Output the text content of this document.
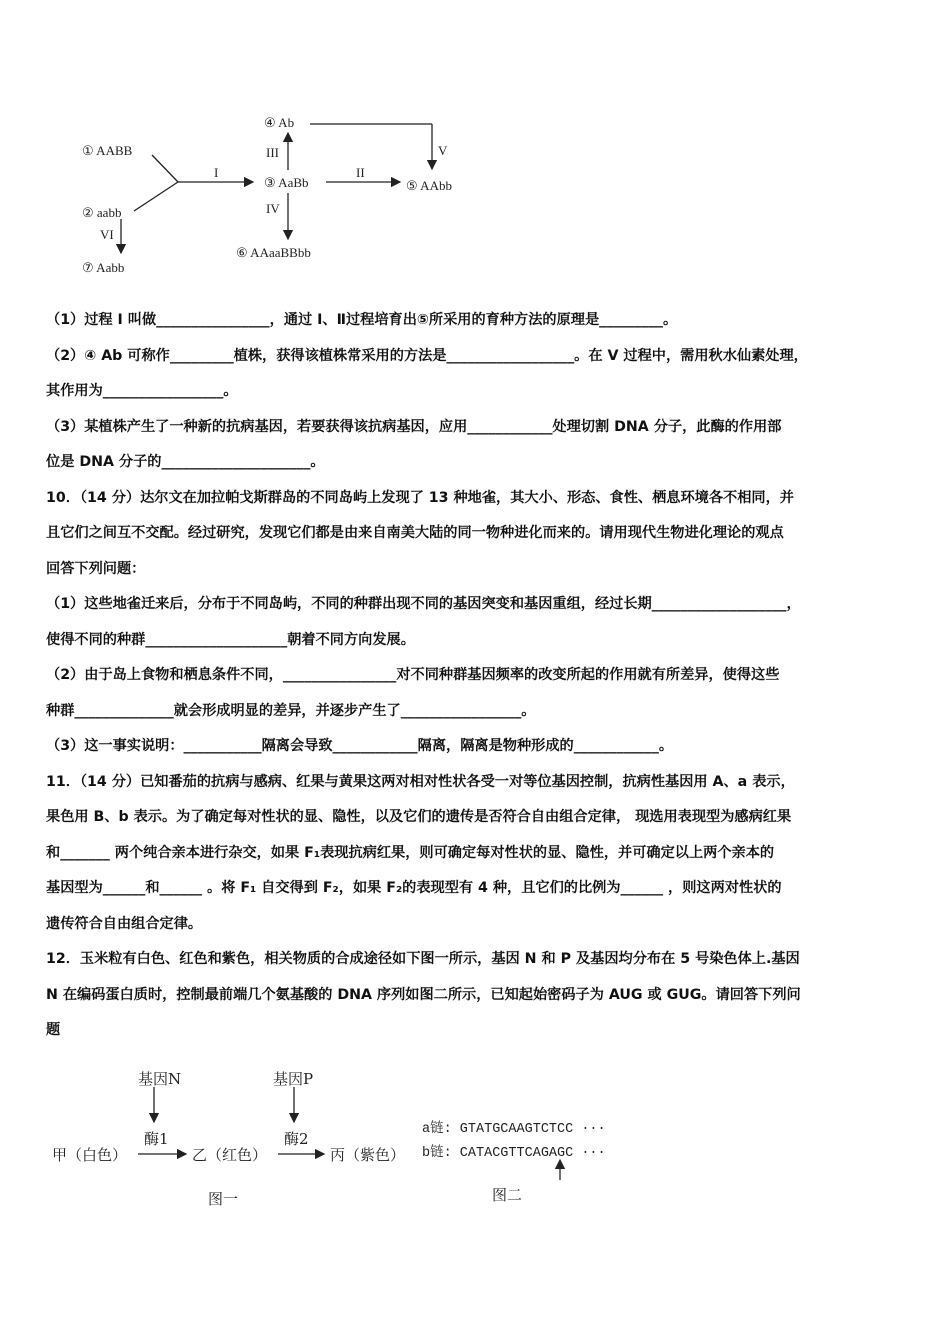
① AABB
② aabb
③ AaBb
④ Ab
⑤ AAbb
⑥ AAaaBBbb
⑦ Aabb
I	II
III
IV
V
VI
（1）过程 I 叫做________________，通过 I、Ⅱ过程培育出⑤所采用的育种方法的原理是_________。
（2）④ Ab 可称作_________植株，获得该植株常采用的方法是__________________。在 V 过程中，需用秋水仙素处理，
其作用为_________________。
（3）某植株产生了一种新的抗病基因，若要获得该抗病基因，应用____________处理切割 DNA 分子，此酶的作用部
位是 DNA 分子的_____________________。
10．（14 分）达尔文在加拉帕戈斯群岛的不同岛屿上发现了 13 种地雀，其大小、形态、食性、栖息环境各不相同，并
且它们之间互不交配。经过研究，发现它们都是由来自南美大陆的同一物种进化而来的。请用现代生物进化理论的观点
回答下列问题：
（1）这些地雀迁来后，分布于不同岛屿，不同的种群出现不同的基因突变和基因重组，经过长期___________________，
使得不同的种群____________________朝着不同方向发展。
（2）由于岛上食物和栖息条件不同，________________对不同种群基因频率的改变所起的作用就有所差异，使得这些
种群______________就会形成明显的差异，并逐步产生了_________________。
（3）这一事实说明：___________隔离会导致____________隔离，隔离是物种形成的____________。
11．（14 分）已知番茄的抗病与感病、红果与黄果这两对相对性状各受一对等位基因控制，抗病性基因用 A、a 表示，
果色用 B、b 表示。为了确定每对性状的显、隐性，以及它们的遗传是否符合自由组合定律， 现选用表现型为感病红果
和_______ 两个纯合亲本进行杂交，如果 F₁表现抗病红果，则可确定每对性状的显、隐性，并可确定以上两个亲本的
基因型为______和______ 。将 F₁ 自交得到 F₂，如果 F₂的表现型有 4 种，且它们的比例为______ ，则这两对性状的
遗传符合自由组合定律。
12．玉米粒有白色、红色和紫色，相关物质的合成途径如下图一所示，基因 N 和 P 及基因均分布在 5 号染色体上.基因
N 在编码蛋白质时，控制最前端几个氨基酸的 DNA 序列如图二所示，已知起始密码子为 AUG 或 GUG。请回答下列问
题
基因N	基因P
酶1	酶2
甲（白色）	乙（红色）	丙（紫色）
图一
a链: GTATGCAAGTCTCC ···
b链: CATACGTTCAGAGC ···
图二
